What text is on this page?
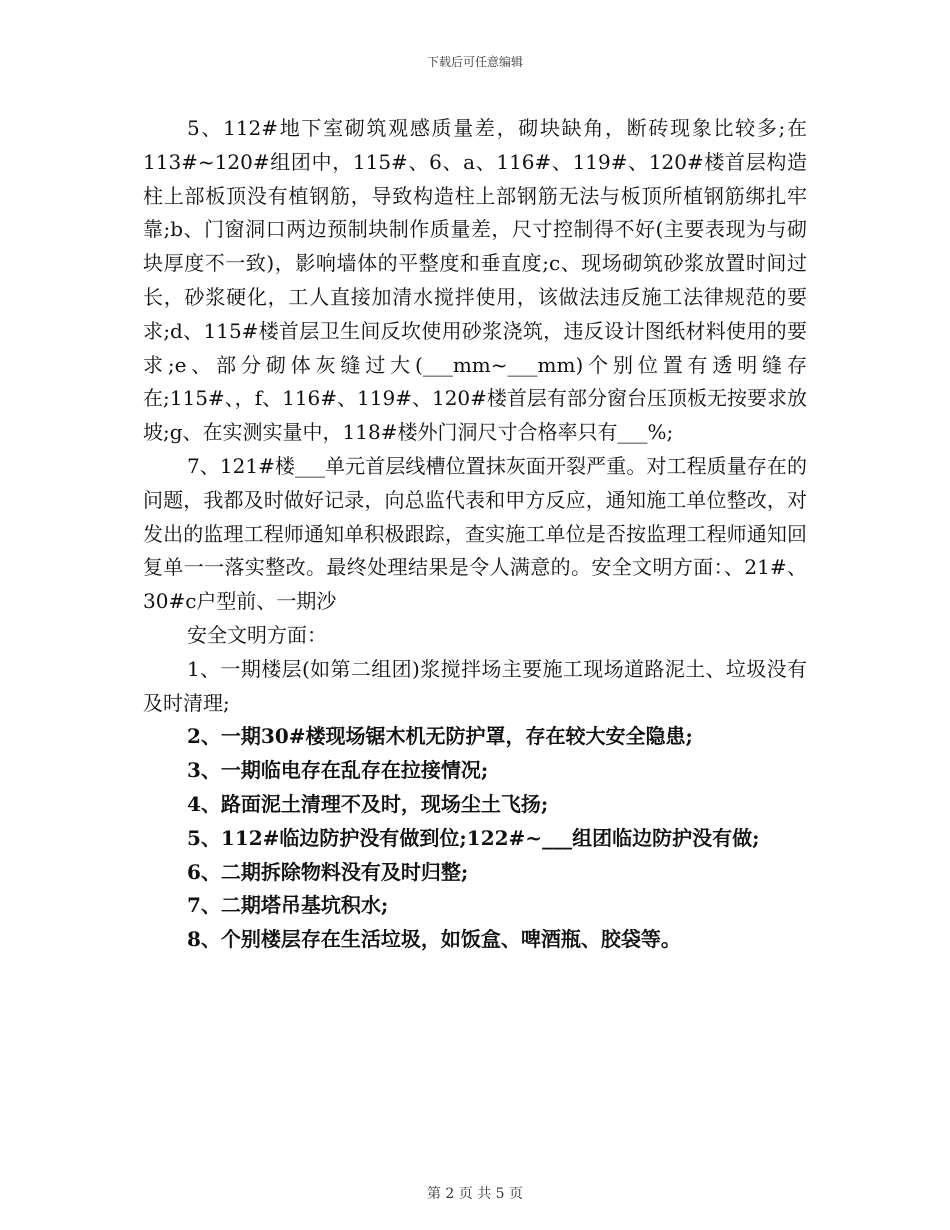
下载后可任意编辑

5、112#地下室砌筑观感质量差，砌块缺角，断砖现象比较多;在113#~120#组团中，115#、6、a、116#、119#、120#楼首层构造柱上部板顶没有植钢筋，导致构造柱上部钢筋无法与板顶所植钢筋绑扎牢靠;b、门窗洞口两边预制块制作质量差，尺寸控制得不好(主要表现为与砌块厚度不一致)，影响墙体的平整度和垂直度;c、现场砌筑砂浆放置时间过长，砂浆硬化，工人直接加清水搅拌使用，该做法违反施工法律规范的要求;d、115#楼首层卫生间反坎使用砂浆浇筑，违反设计图纸材料使用的要求;e、部分砌体灰缝过大(___mm~___mm)个别位置有透明缝存在;115#、，f、116#、119#、120#楼首层有部分窗台压顶板无按要求放坡;g、在实测实量中，118#楼外门洞尺寸合格率只有___%;

7、121#楼___单元首层线槽位置抹灰面开裂严重。对工程质量存在的问题，我都及时做好记录，向总监代表和甲方反应，通知施工单位整改，对发出的监理工程师通知单积极跟踪，查实施工单位是否按监理工程师通知回复单一一落实整改。最终处理结果是令人满意的。安全文明方面：、21#、30#c户型前、一期沙

安全文明方面：

1、一期楼层(如第二组团)浆搅拌场主要施工现场道路泥土、垃圾没有及时清理;

2、一期30#楼现场锯木机无防护罩，存在较大安全隐患;

3、一期临电存在乱存在拉接情况;

4、路面泥土清理不及时，现场尘土飞扬;

5、112#临边防护没有做到位;122#~___组团临边防护没有做;

6、二期拆除物料没有及时归整;

7、二期塔吊基坑积水;

8、个别楼层存在生活垃圾，如饭盒、啤酒瓶、胶袋等。

第 2 页 共 5 页
